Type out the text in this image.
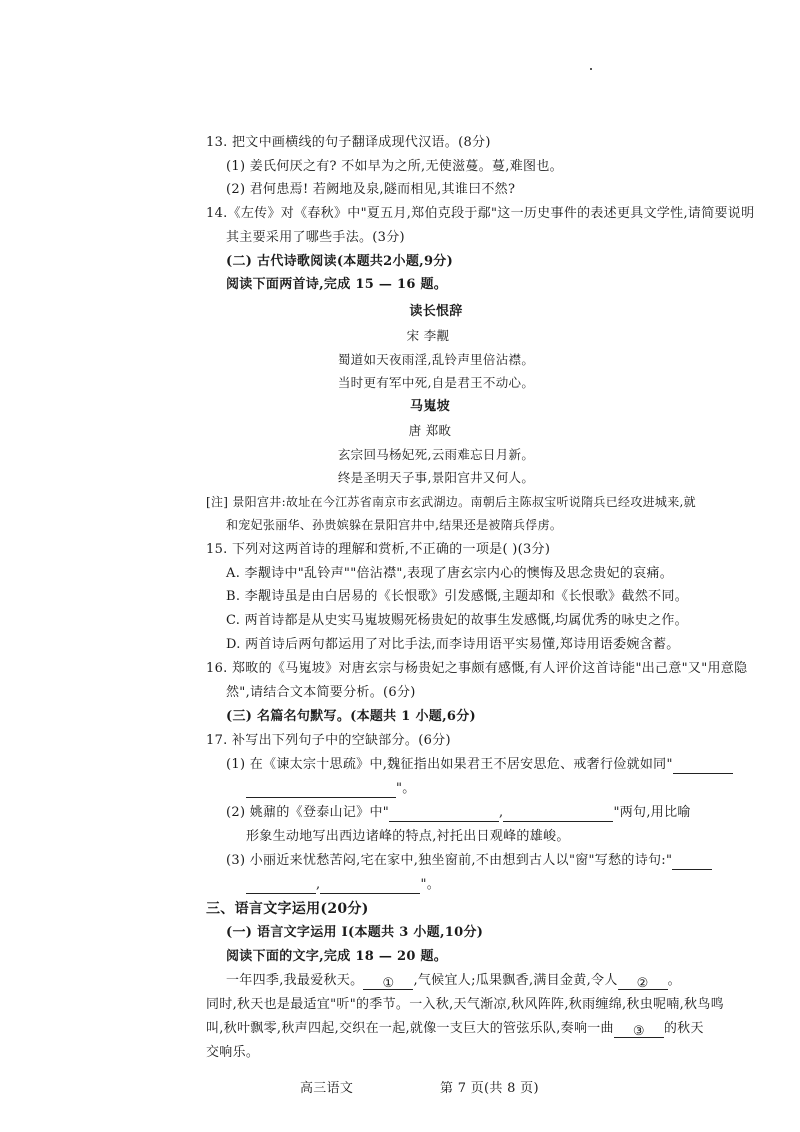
13. 把文中画横线的句子翻译成现代汉语。(8分)
(1) 姜氏何厌之有? 不如早为之所,无使滋蔓。蔓,难图也。
(2) 君何患焉! 若阙地及泉,隧而相见,其谁曰不然?
14.《左传》对《春秋》中"夏五月,郑伯克段于鄢"这一历史事件的表述更具文学性,请简要说明
其主要采用了哪些手法。(3分)
(二) 古代诗歌阅读(本题共2小题,9分)
阅读下面两首诗,完成 15 — 16 题。
读长恨辞
宋 李觏
蜀道如天夜雨淫,乱铃声里倍沾襟。
当时更有军中死,自是君王不动心。
马嵬坡
唐 郑畋
玄宗回马杨妃死,云雨难忘日月新。
终是圣明天子事,景阳宫井又何人。
[注] 景阳宫井:故址在今江苏省南京市玄武湖边。南朝后主陈叔宝听说隋兵已经攻进城来,就
和宠妃张丽华、孙贵嫔躲在景阳宫井中,结果还是被隋兵俘虏。
15. 下列对这两首诗的理解和赏析,不正确的一项是( )(3分)
A. 李觏诗中"乱铃声""倍沾襟",表现了唐玄宗内心的懊悔及思念贵妃的哀痛。
B. 李觏诗虽是由白居易的《长恨歌》引发感慨,主题却和《长恨歌》截然不同。
C. 两首诗都是从史实马嵬坡赐死杨贵妃的故事生发感慨,均属优秀的咏史之作。
D. 两首诗后两句都运用了对比手法,而李诗用语平实易懂,郑诗用语委婉含蓄。
16. 郑畋的《马嵬坡》对唐玄宗与杨贵妃之事颇有感慨,有人评价这首诗能"出己意"又"用意隐
然",请结合文本简要分析。(6分)
(三) 名篇名句默写。(本题共 1 小题,6分)
17. 补写出下列句子中的空缺部分。(6分)
(1) 在《谏太宗十思疏》中,魏征指出如果君王不居安思危、戒奢行俭就如同"
"。
(2) 姚鼐的《登泰山记》中"	,	"两句,用比喻
形象生动地写出西边诸峰的特点,衬托出日观峰的雄峻。
(3) 小丽近来忧愁苦闷,宅在家中,独坐窗前,不由想到古人以"窗"写愁的诗句:"
,	"。
三、语言文字运用(20分)
(一) 语言文字运用 Ⅰ(本题共 3 小题,10分)
阅读下面的文字,完成 18 — 20 题。
一年四季,我最爱秋天。 ① ,气候宜人;瓜果飘香,满目金黄,令人 ② 。
同时,秋天也是最适宜"听"的季节。一入秋,天气渐凉,秋风阵阵,秋雨缠绵,秋虫呢喃,秋鸟鸣
叫,秋叶飘零,秋声四起,交织在一起,就像一支巨大的管弦乐队,奏响一曲 ③ 的秋天
交响乐。
高三语文	第 7 页(共 8 页)
